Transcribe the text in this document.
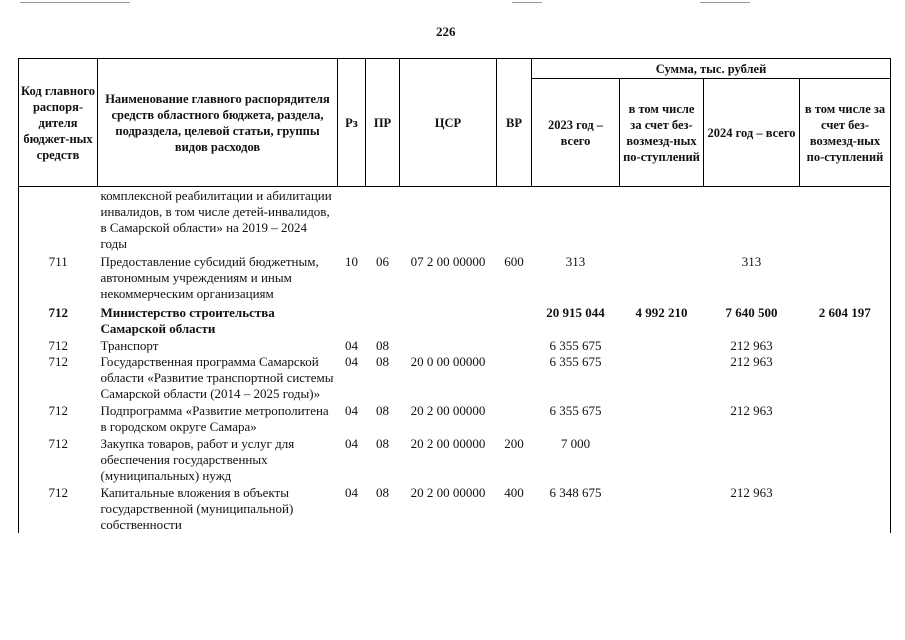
226
Код главного распоря-дителя бюджет-ных средств	Наименование главного распорядителя средств областного бюджета, раздела, подраздела, целевой статьи, группы видов расходов	Рз	ПР	ЦСР	ВР	Сумма, тыс. рублей			
						2023 год – всего	в том числе за счет без-возмезд-ных по-ступлений	2024 год – всего	в том числе за счет без-возмезд-ных по-ступлений
	комплексной реабилитации и абилитации инвалидов, в том числе детей-инвалидов, в Самарской области» на 2019 – 2024 годы								
711	Предоставление субсидий бюджетным, автономным учреждениям и иным некоммерческим организациям	10	06	07 2 00 00000	600	313		313	
712	Министерство строительства Самарской области					20 915 044	4 992 210	7 640 500	2 604 197
712	Транспорт	04	08			6 355 675		212 963	
712	Государственная программа Самарской области «Развитие транспортной системы Самарской области (2014 – 2025 годы)»	04	08	20 0 00 00000		6 355 675		212 963	
712	Подпрограмма «Развитие метрополитена в городском округе Самара»	04	08	20 2 00 00000		6 355 675		212 963	
712	Закупка товаров, работ и услуг для обеспечения государственных (муниципальных) нужд	04	08	20 2 00 00000	200	7 000			
712	Капитальные вложения в объекты государственной (муниципальной) собственности	04	08	20 2 00 00000	400	6 348 675		212 963	
